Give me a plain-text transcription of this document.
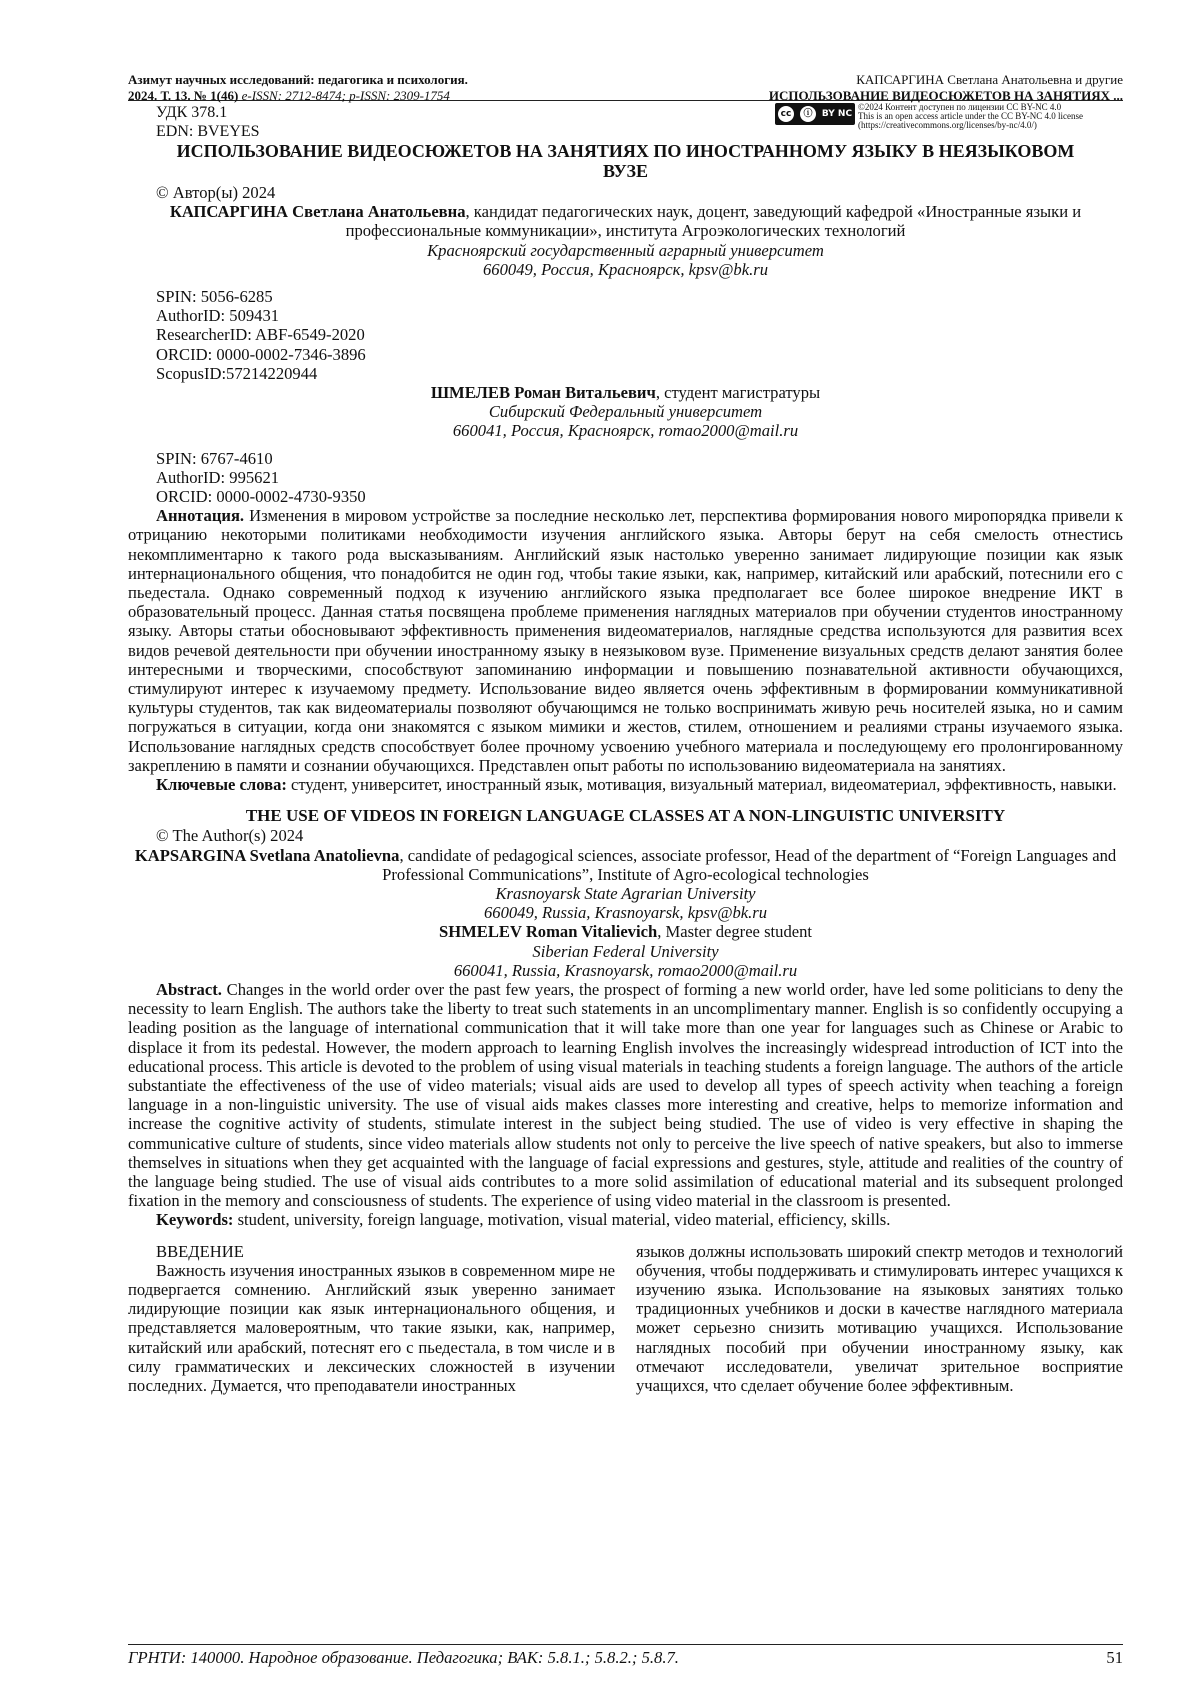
Азимут научных исследований: педагогика и психология.
2024. Т. 13. № 1(46) e-ISSN: 2712-8474; p-ISSN: 2309-1754
КАПСАРГИНА Светлана Анатольевна и другие
ИСПОЛЬЗОВАНИЕ ВИДЕОСЮЖЕТОВ НА ЗАНЯТИЯХ ...
УДК 378.1
EDN: BVEYES
cc	ⓘ	BY NC
©2024 Контент доступен по лицензии CC BY-NC 4.0
This is an open access article under the CC BY-NC 4.0 license
(https://creativecommons.org/licenses/by-nc/4.0/)
ИСПОЛЬЗОВАНИЕ ВИДЕОСЮЖЕТОВ НА ЗАНЯТИЯХ ПО ИНОСТРАННОМУ ЯЗЫКУ В НЕЯЗЫКОВОМ ВУЗЕ

© Автор(ы) 2024

КАПСАРГИНА Светлана Анатольевна, кандидат педагогических наук, доцент, заведующий кафедрой «Иностранные языки и профессиональные коммуникации», института Агроэкологических технологий

Красноярский государственный аграрный университет

660049, Россия, Красноярск, kpsv@bk.ru

SPIN: 5056-6285
AuthorID: 509431
ResearcherID: ABF-6549-2020
ORCID: 0000-0002-7346-3896
ScopusID:57214220944

ШМЕЛЕВ Роман Витальевич, студент магистратуры

Сибирский Федеральный университет

660041, Россия, Красноярск, romao2000@mail.ru

SPIN: 6767-4610
AuthorID: 995621
ORCID: 0000-0002-4730-9350

Аннотация. Изменения в мировом устройстве за последние несколько лет, перспектива формирования нового миропорядка привели к отрицанию некоторыми политиками необходимости изучения английского языка. Авторы берут на себя смелость отнестись некомплиментарно к такого рода высказываниям. Английский язык настолько уверенно занимает лидирующие позиции как язык интернационального общения, что понадобится не один год, чтобы такие языки, как, например, китайский или арабский, потеснили его с пьедестала. Однако современный подход к изучению английского языка предполагает все более широкое внедрение ИКТ в образовательный процесс. Данная статья посвящена проблеме применения наглядных материалов при обучении студентов иностранному языку. Авторы статьи обосновывают эффективность применения видеоматериалов, наглядные средства используются для развития всех видов речевой деятельности при обучении иностранному языку в неязыковом вузе. Применение визуальных средств делают занятия более интересными и творческими, способствуют запоминанию информации и повышению познавательной активности обучающихся, стимулируют интерес к изучаемому предмету. Использование видео является очень эффективным в формировании коммуникативной культуры студентов, так как видеоматериалы позволяют обучающимся не только воспринимать живую речь носителей языка, но и самим погружаться в ситуации, когда они знакомятся с языком мимики и жестов, стилем, отношением и реалиями страны изучаемого языка. Использование наглядных средств способствует более прочному усвоению учебного материала и последующему его пролонгированному закреплению в памяти и сознании обучающихся. Представлен опыт работы по использованию видеоматериала на занятиях.

Ключевые слова: студент, университет, иностранный язык, мотивация, визуальный материал, видеоматериал, эффективность, навыки.

THE USE OF VIDEOS IN FOREIGN LANGUAGE CLASSES AT A NON-LINGUISTIC UNIVERSITY

© The Author(s) 2024

KAPSARGINA Svetlana Anatolievna, candidate of pedagogical sciences, associate professor, Head of the department of “Foreign Languages and Professional Communications”, Institute of Agro-ecological technologies

Krasnoyarsk State Agrarian University

660049, Russia, Krasnoyarsk, kpsv@bk.ru

SHMELEV Roman Vitalievich, Master degree student

Siberian Federal University

660041, Russia, Krasnoyarsk, romao2000@mail.ru

Abstract. Changes in the world order over the past few years, the prospect of forming a new world order, have led some politicians to deny the necessity to learn English. The authors take the liberty to treat such statements in an uncomplimentary manner. English is so confidently occupying a leading position as the language of international communication that it will take more than one year for languages such as Chinese or Arabic to displace it from its pedestal. However, the modern approach to learning English involves the increasingly widespread introduction of ICT into the educational process. This article is devoted to the problem of using visual materials in teaching students a foreign language. The authors of the article substantiate the effectiveness of the use of video materials; visual aids are used to develop all types of speech activity when teaching a foreign language in a non-linguistic university. The use of visual aids makes classes more interesting and creative, helps to memorize information and increase the cognitive activity of students, stimulate interest in the subject being studied. The use of video is very effective in shaping the communicative culture of students, since video materials allow students not only to perceive the live speech of native speakers, but also to immerse themselves in situations when they get acquainted with the language of facial expressions and gestures, style, attitude and realities of the country of the language being studied. The use of visual aids contributes to a more solid assimilation of educational material and its subsequent prolonged fixation in the memory and consciousness of students. The experience of using video material in the classroom is presented.

Keywords: student, university, foreign language, motivation, visual material, video material, efficiency, skills.

ВВЕДЕНИЕ

Важность изучения иностранных языков в современном мире не подвергается сомнению. Английский язык уверенно занимает лидирующие позиции как язык интернационального общения, и представляется маловероятным, что такие языки, как, например, китайский или арабский, потеснят его с пьедестала, в том числе и в силу грамматических и лексических сложностей в изучении последних. Думается, что преподаватели иностранных

языков должны использовать широкий спектр методов и технологий обучения, чтобы поддерживать и стимулировать интерес учащихся к изучению языка. Использование на языковых занятиях только традиционных учебников и доски в качестве наглядного материала может серьезно снизить мотивацию учащихся. Использование наглядных пособий при обучении иностранному языку, как отмечают исследователи, увеличат зрительное восприятие учащихся, что сделает обучение более эффективным.

ГРНТИ: 140000. Народное образование. Педагогика; ВАК: 5.8.1.; 5.8.2.; 5.8.7.	51
